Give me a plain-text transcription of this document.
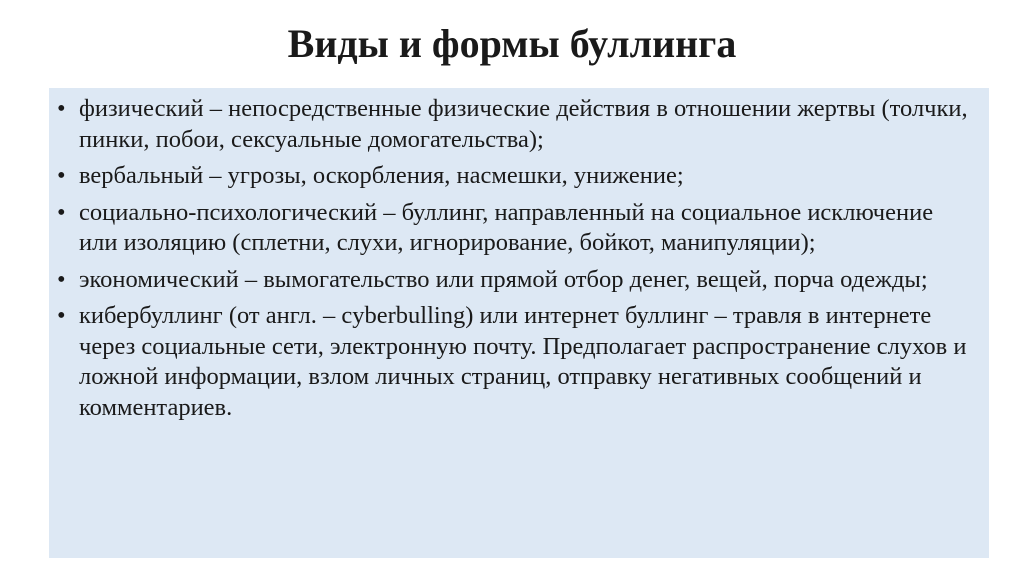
Виды и формы буллинга
• физический – непосредственные физические действия в отношении жертвы (толчки, пинки, побои, сексуальные домогательства);
• вербальный – угрозы, оскорбления, насмешки, унижение;
• социально-психологический – буллинг, направленный на социальное исключение или изоляцию (сплетни, слухи, игнорирование, бойкот, манипуляции);
• экономический – вымогательство или прямой отбор денег, вещей, порча одежды;
• кибербуллинг (от англ. – cyberbulling) или интернет буллинг – травля в интернете через социальные сети, электронную почту. Предполагает распространение слухов и ложной информации, взлом личных страниц, отправку негативных сообщений и комментариев.
